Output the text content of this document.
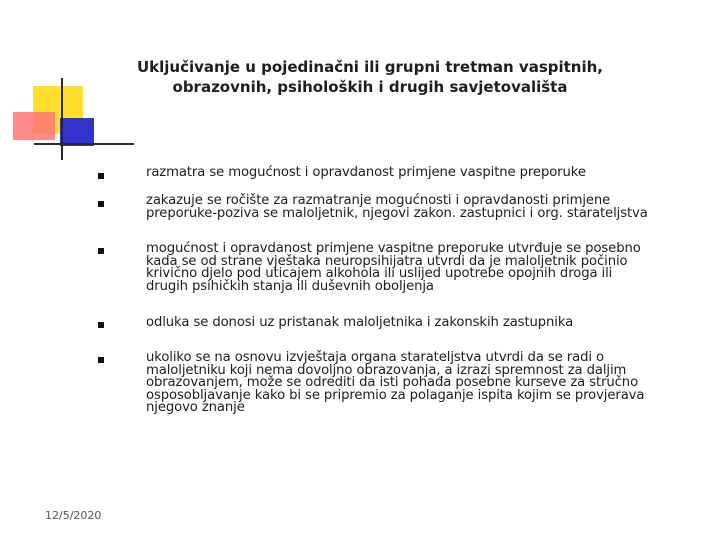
Uključivanje u pojedinačni ili grupni tretman vaspitnih,
obrazovnih, psiholoških i drugih savjetovališta
razmatra se mogućnost i opravdanost primjene vaspitne preporuke
zakazuje se ročište za razmatranje mogućnosti i opravdanosti primjene
preporuke-poziva se maloljetnik, njegovi zakon. zastupnici i org. starateljstva
mogućnost i opravdanost primjene vaspitne preporuke utvrđuje se posebno
kada se od strane vještaka neuropsihijatra utvrdi da je maloljetnik počinio
krivično djelo pod uticajem alkohola ili uslijed upotrebe opojnih droga ili
drugih psihičkih stanja ili duševnih oboljenja
odluka se donosi uz pristanak maloljetnika i zakonskih zastupnika
ukoliko se na osnovu izvještaja organa starateljstva utvrdi da se radi o
maloljetniku koji nema dovoljno obrazovanja, a izrazi spremnost za daljim
obrazovanjem, može se odrediti da isti pohađa posebne kurseve za stručno
osposobljavanje kako bi se pripremio za polaganje ispita kojim se provjerava
njegovo znanje
12/5/2020
